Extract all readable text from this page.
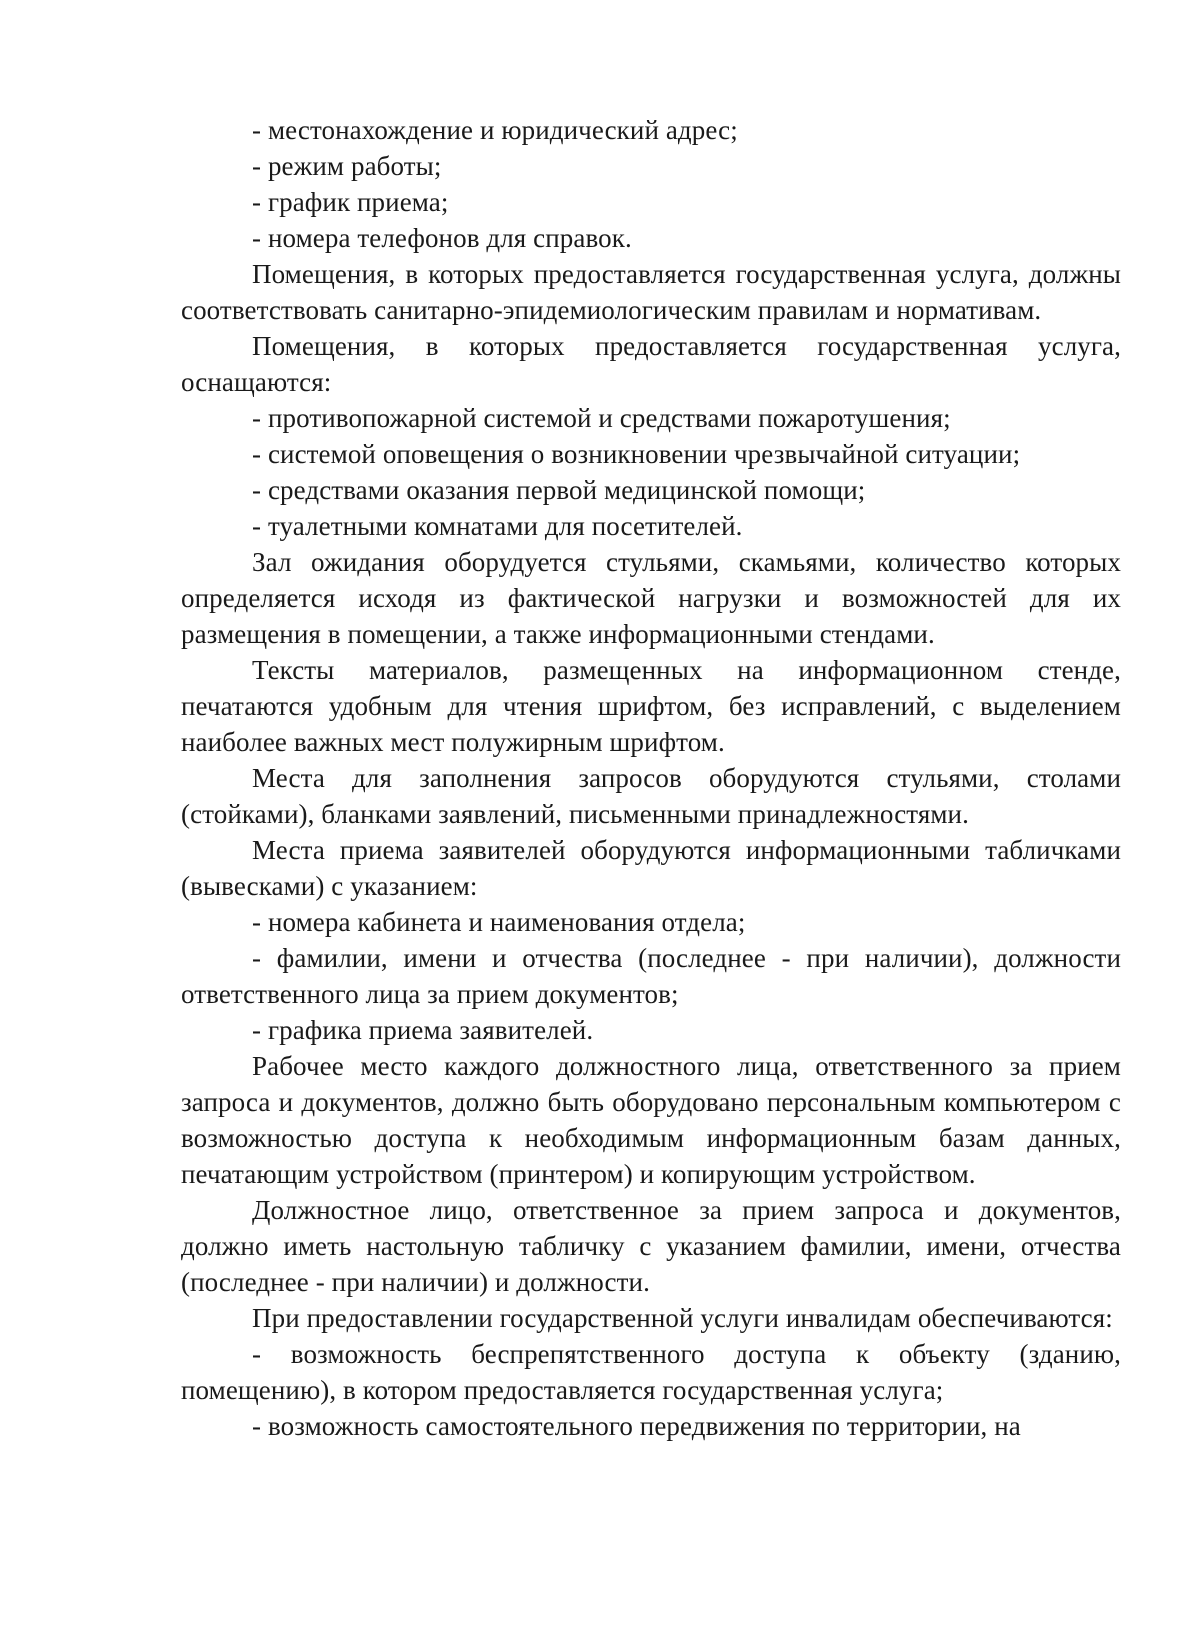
- местонахождение и юридический адрес;

- режим работы;

- график приема;

- номера телефонов для справок.

Помещения, в которых предоставляется государственная услуга, должны соответствовать санитарно-эпидемиологическим правилам и нормативам.

Помещения, в которых предоставляется государственная услуга, оснащаются:

- противопожарной системой и средствами пожаротушения;

- системой оповещения о возникновении чрезвычайной ситуации;

- средствами оказания первой медицинской помощи;

- туалетными комнатами для посетителей.

Зал ожидания оборудуется стульями, скамьями, количество которых определяется исходя из фактической нагрузки и возможностей для их размещения в помещении, а также информационными стендами.

Тексты материалов, размещенных на информационном стенде, печатаются удобным для чтения шрифтом, без исправлений, с выделением наиболее важных мест полужирным шрифтом.

Места для заполнения запросов оборудуются стульями, столами (стойками), бланками заявлений, письменными принадлежностями.

Места приема заявителей оборудуются информационными табличками (вывесками) с указанием:

- номера кабинета и наименования отдела;

- фамилии, имени и отчества (последнее - при наличии), должности ответственного лица за прием документов;

- графика приема заявителей.

Рабочее место каждого должностного лица, ответственного за прием запроса и документов, должно быть оборудовано персональным компьютером с возможностью доступа к необходимым информационным базам данных, печатающим устройством (принтером) и копирующим устройством.

Должностное лицо, ответственное за прием запроса и документов, должно иметь настольную табличку с указанием фамилии, имени, отчества (последнее - при наличии) и должности.

При предоставлении государственной услуги инвалидам обеспечиваются:

- возможность беспрепятственного доступа к объекту (зданию, помещению), в котором предоставляется государственная услуга;

- возможность самостоятельного передвижения по территории, на
